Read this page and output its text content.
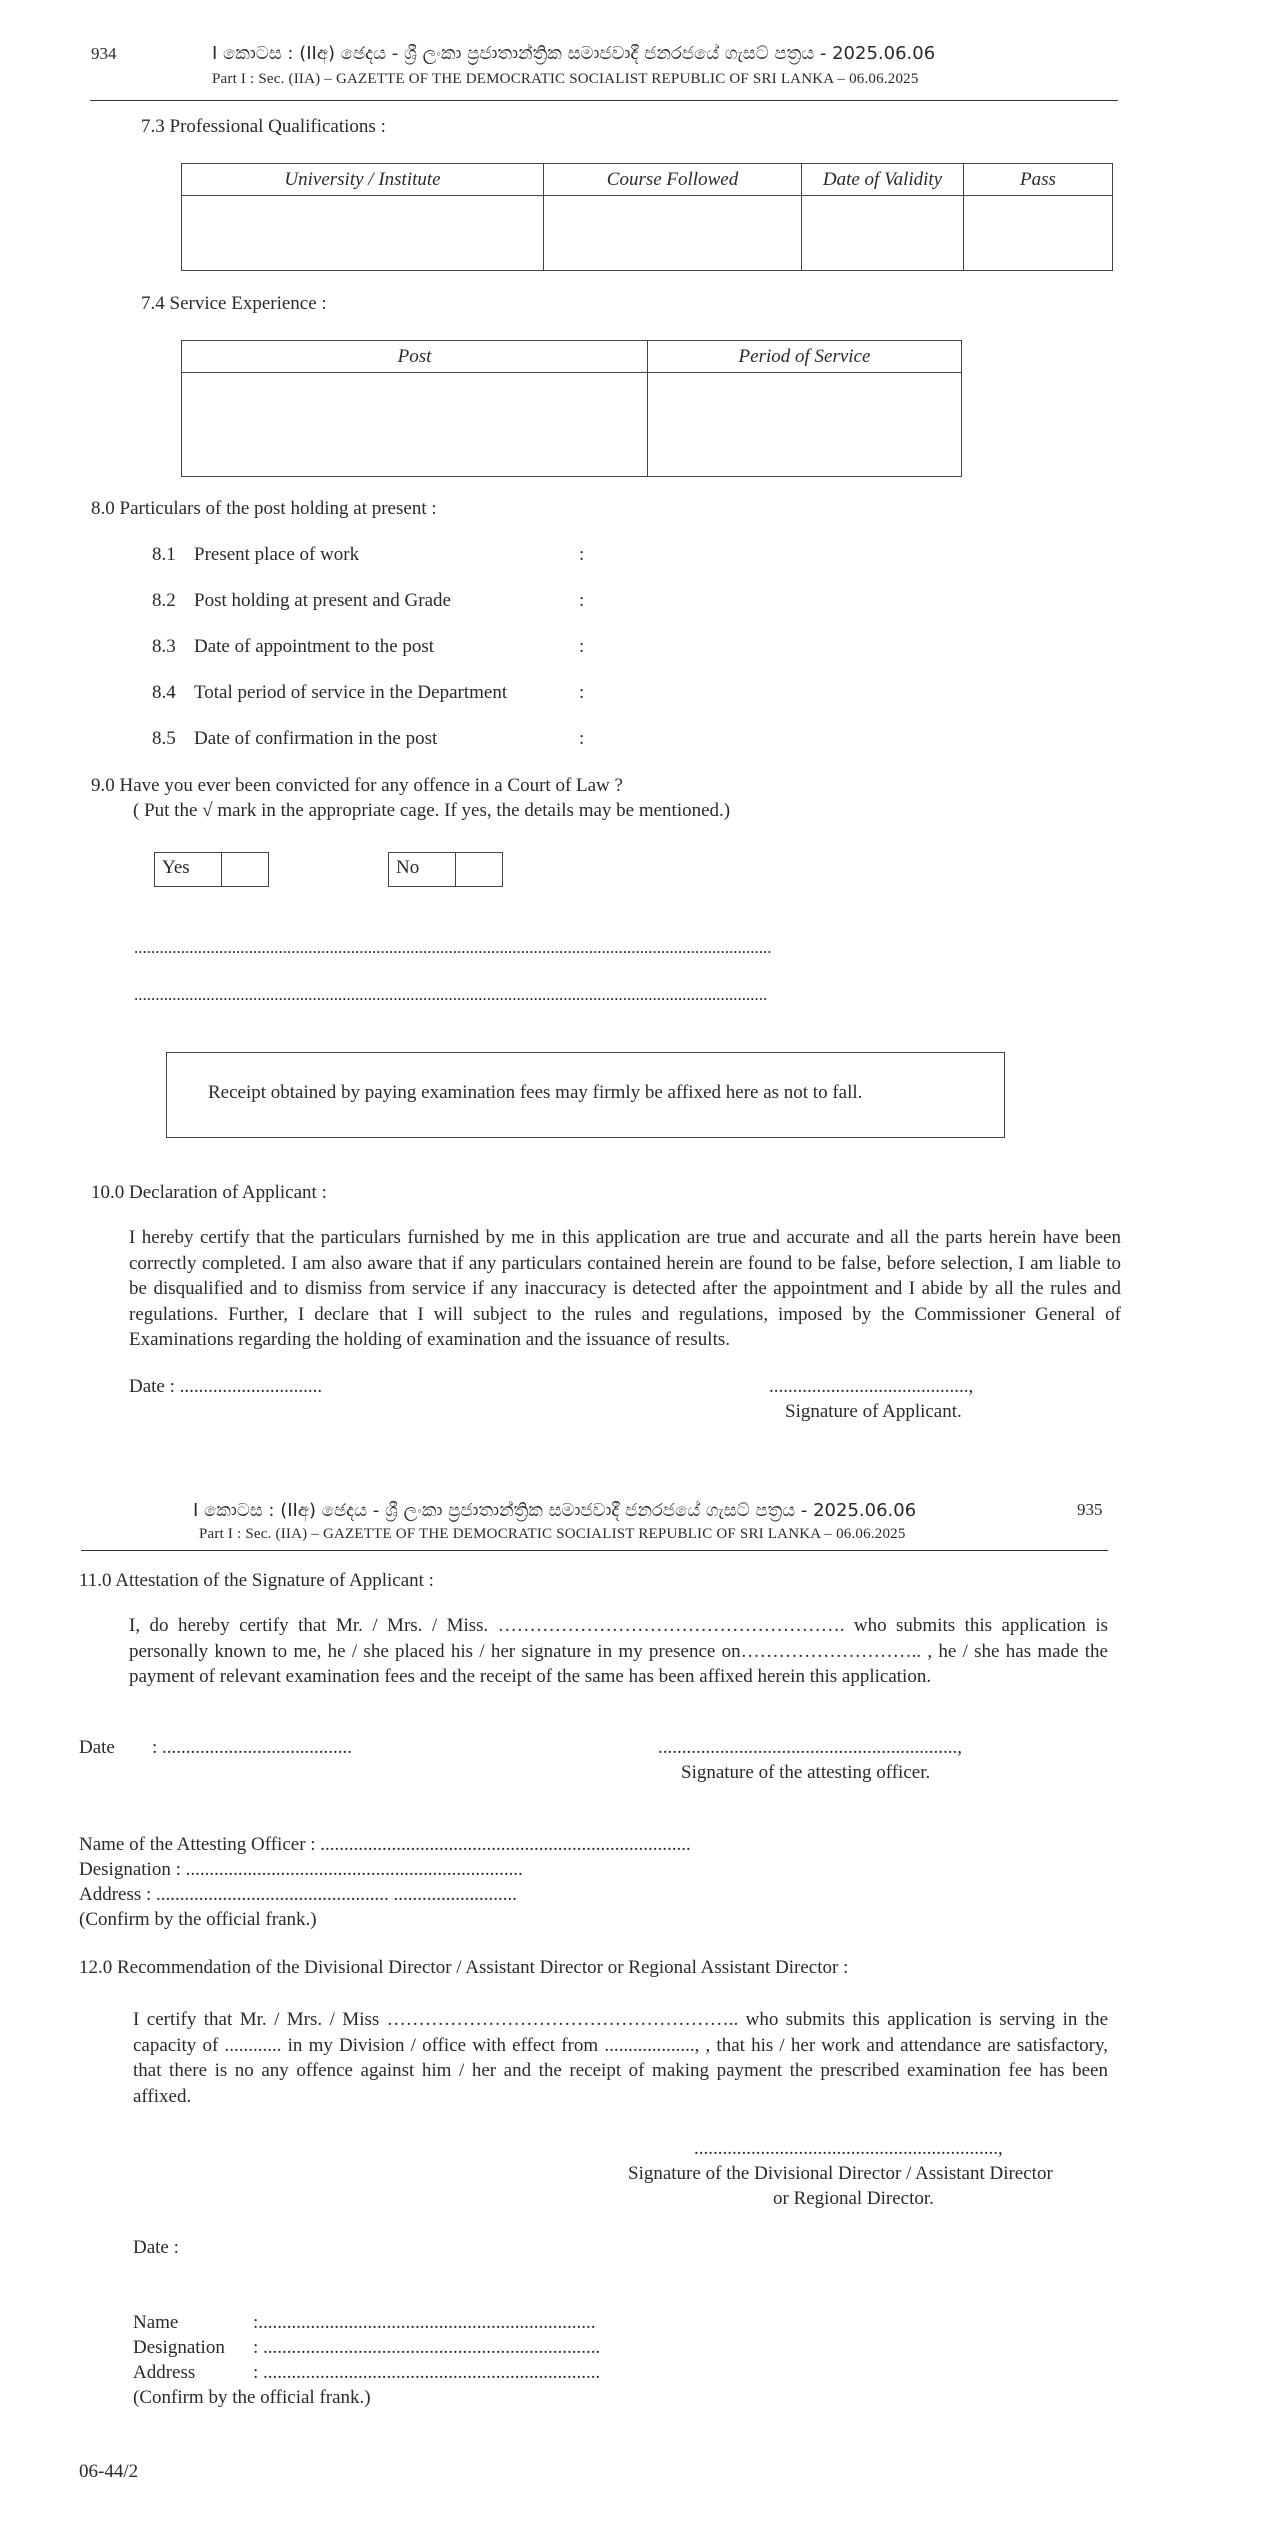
934	I කොටස : (IIඅ) ඡෙදය - ශ්‍රී ලංකා ප්‍රජාතාන්ත්‍රික සමාජවාදී ජනරජයේ ගැසට් පත්‍රය - 2025.06.06
Part I : Sec. (IIA) – GAZETTE OF THE DEMOCRATIC SOCIALIST REPUBLIC OF SRI LANKA – 06.06.2025
7.3 Professional Qualifications :
University / Institute	Course Followed	Date of Validity	Pass

7.4 Service Experience :
Post	Period of Service

8.0 Particulars of the post holding at present :
8.1 Present place of work	:
8.2 Post holding at present and Grade	:
8.3 Date of appointment to the post	:
8.4 Total period of service in the Department	:
8.5 Date of confirmation in the post	:
9.0 Have you ever been convicted for any offence in a Court of Law ?
( Put the √ mark in the appropriate cage. If yes, the details may be mentioned.)
Yes	No
......................................................................................................................................................
.....................................................................................................................................................
Receipt obtained by paying examination fees may firmly be affixed here as not to fall.
10.0 Declaration of Applicant :
I hereby certify that the particulars furnished by me in this application are true and accurate and all the parts herein have been correctly completed. I am also aware that if any particulars contained herein are found to be false, before selection, I am liable to be disqualified and to dismiss from service if any inaccuracy is detected after the appointment and I abide by all the rules and regulations. Further, I declare that I will subject to the rules and regulations, imposed by the Commissioner General of Examinations regarding the holding of examination and the issuance of results.
Date : ..............................	..........................................,
Signature of Applicant.
I කොටස : (IIඅ) ඡෙදය - ශ්‍රී ලංකා ප්‍රජාතාන්ත්‍රික සමාජවාදී ජනරජයේ ගැසට් පත්‍රය - 2025.06.06	935
Part I : Sec. (IIA) – GAZETTE OF THE DEMOCRATIC SOCIALIST REPUBLIC OF SRI LANKA – 06.06.2025
11.0 Attestation of the Signature of Applicant :
I, do hereby certify that Mr. / Mrs. / Miss. ………………………………………………. who submits this application is personally known to me, he / she placed his / her signature in my presence on……………………….. , he / she has made the payment of relevant examination fees and the receipt of the same has been affixed herein this application.
Date : ........................................	...............................................................,
Signature of the attesting officer.
Name of the Attesting Officer : ..............................................................................
Designation : .......................................................................
Address : ................................................. ..........................
(Confirm by the official frank.)
12.0 Recommendation of the Divisional Director / Assistant Director or Regional Assistant Director :
I certify that Mr. / Mrs. / Miss ……………………………………………….. who submits this application is serving in the capacity of ............ in my Division / office with effect from ..................., , that his / her work and attendance are satisfactory, that there is no any offence against him / her and the receipt of making payment the prescribed examination fee has been affixed.
................................................................,
Signature of the Divisional Director / Assistant Director
or Regional Director.
Date :
Name	:.......................................................................
Designation : .......................................................................
Address	: .......................................................................
(Confirm by the official frank.)
06-44/2
